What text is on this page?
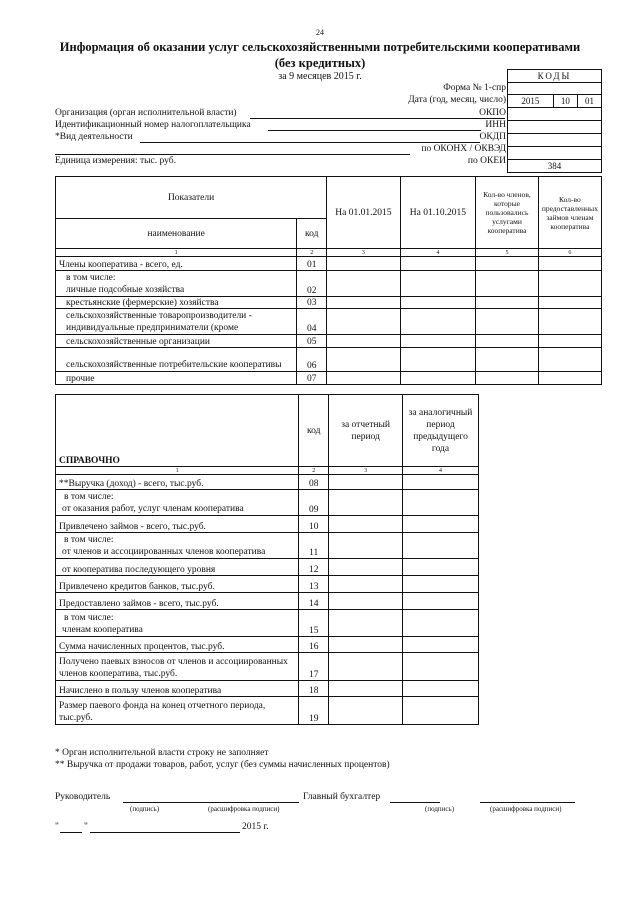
24
Информация об оказании услуг сельскохозяйственными потребительскими кооперативами
(без кредитных)
за 9 месяцев 2015 г.
Форма № 1-спр
Дата (год, месяц, число)
ОКПО
ИНН
ОКДП
по ОКОНХ / ОКВЭД
по ОКЕИ
КОДЫ

2015	10	01

384
Организация (орган исполнительной власти)
Идентификационный номер налогоплательщика
*Вид деятельности
Единица измерения: тыс. руб.
Показатели		На 01.01.2015	На 01.10.2015	Кол-во членов, которые пользовались услугами кооператива	Кол-во предоставленных займов членам кооператива
наименование	код				
1	2	3	4	5	6
Члены кооператива - всего, ед.	01				

в том числе:
личные подсобные хозяйства	02				
крестьянские (фермерские) хозяйства	03				
сельскохозяйственные товаропроизводители - индивидуальные предприниматели (кроме	04				
сельскохозяйственные организации	05				
сельскохозяйственные потребительские кооперативы	06				
прочие	07				
СПРАВОЧНО	код	за отчетный период	за аналогичный период предыдущего года
1	2	3	4
**Выручка (доход) - всего, тыс.руб.	08		

в том числе:
от оказания работ, услуг членам кооператива	09		
Привлечено займов - всего, тыс.руб.	10		

в том числе:
от членов и ассоциированных членов кооператива	11		
от кооператива последующего уровня	12		
Привлечено кредитов банков, тыс.руб.	13		
Предоставлено займов - всего, тыс.руб.	14		

в том числе:
членам кооператива	15		
Сумма начисленных процентов, тыс.руб.	16		
Получено паевых взносов от членов и ассоциированных членов кооператива, тыс.руб.	17		
Начислено в пользу членов кооператива	18		
Размер паевого фонда на конец отчетного периода, тыс.руб.	19		
* Орган исполнительной власти строку не заполняет
** Выручка от продажи товаров, работ, услуг (без суммы начисленных процентов)
Руководитель
(подпись)	(расшифровка подписи)
Главный бухгалтер
(подпись)	(расшифровка подписи)
"	"	2015 г.
